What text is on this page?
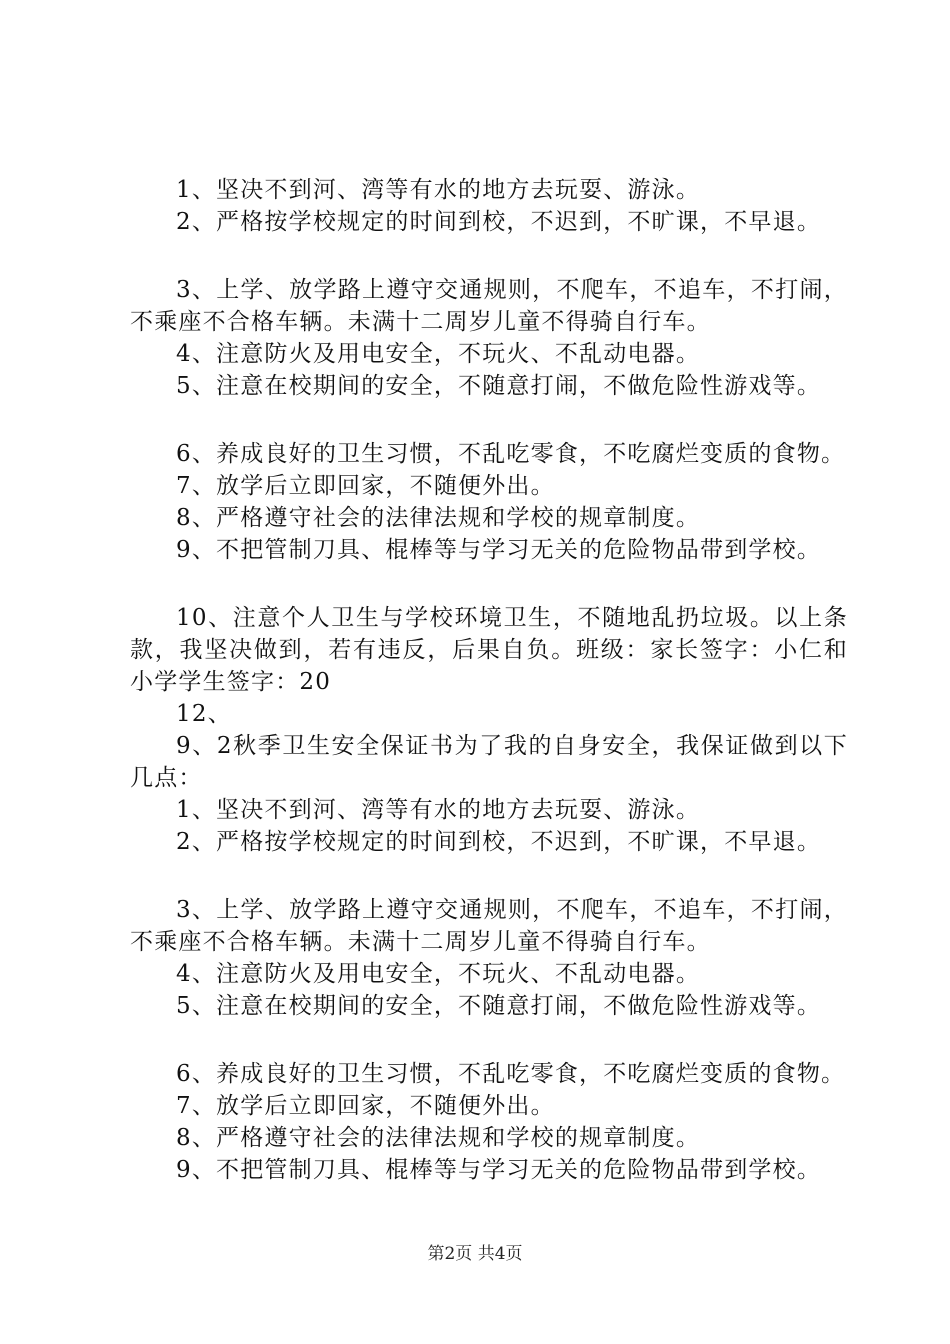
1、坚决不到河、湾等有水的地方去玩耍、游泳。

2、严格按学校规定的时间到校，不迟到，不旷课，不早退。

3、上学、放学路上遵守交通规则，不爬车，不追车，不打闹，不乘座不合格车辆。未满十二周岁儿童不得骑自行车。

4、注意防火及用电安全，不玩火、不乱动电器。

5、注意在校期间的安全，不随意打闹，不做危险性游戏等。

6、养成良好的卫生习惯，不乱吃零食，不吃腐烂变质的食物。

7、放学后立即回家，不随便外出。

8、严格遵守社会的法律法规和学校的规章制度。

9、不把管制刀具、棍棒等与学习无关的危险物品带到学校。

10、注意个人卫生与学校环境卫生，不随地乱扔垃圾。以上条款，我坚决做到，若有违反，后果自负。班级：家长签字：小仁和小学学生签字：20

12、

9、2秋季卫生安全保证书为了我的自身安全，我保证做到以下几点：

1、坚决不到河、湾等有水的地方去玩耍、游泳。

2、严格按学校规定的时间到校，不迟到，不旷课，不早退。

3、上学、放学路上遵守交通规则，不爬车，不追车，不打闹，不乘座不合格车辆。未满十二周岁儿童不得骑自行车。

4、注意防火及用电安全，不玩火、不乱动电器。

5、注意在校期间的安全，不随意打闹，不做危险性游戏等。

6、养成良好的卫生习惯，不乱吃零食，不吃腐烂变质的食物。

7、放学后立即回家，不随便外出。

8、严格遵守社会的法律法规和学校的规章制度。

9、不把管制刀具、棍棒等与学习无关的危险物品带到学校。

第2页 共4页
